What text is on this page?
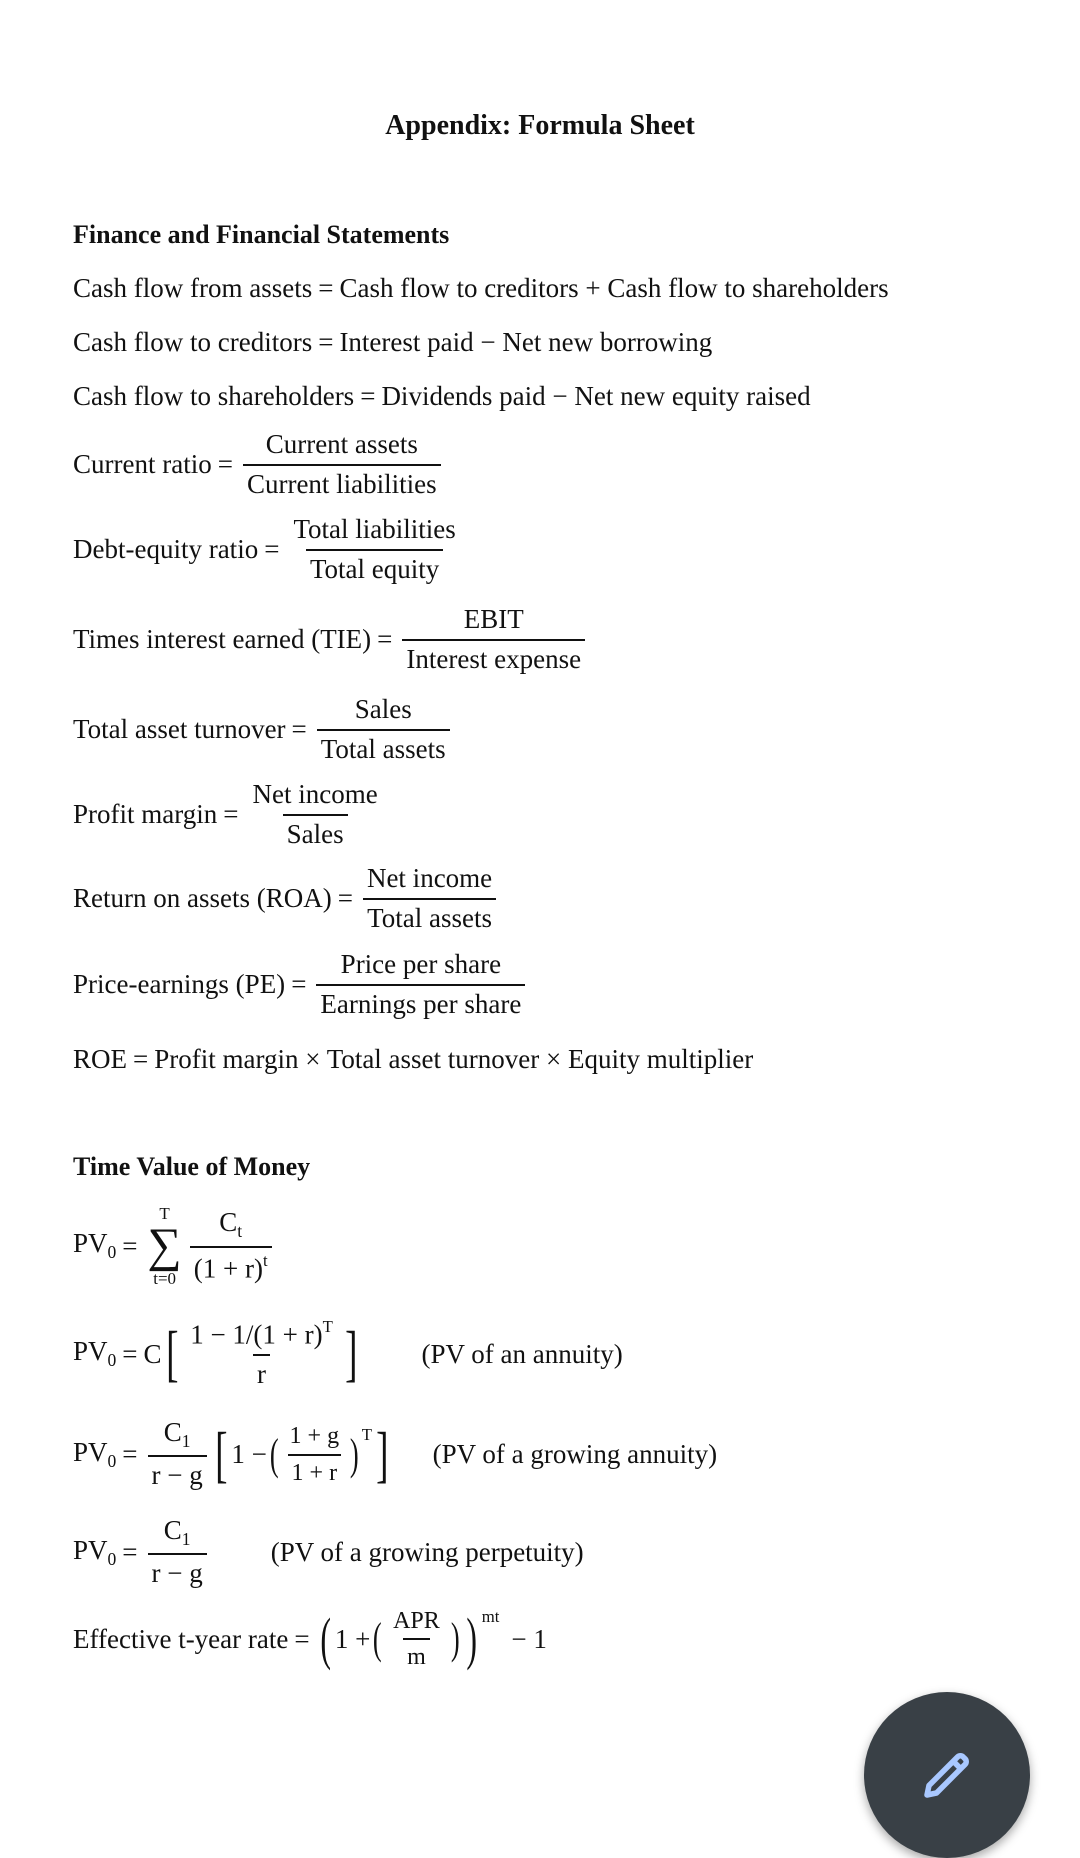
Appendix: Formula Sheet
Finance and Financial Statements
Cash flow from assets = Cash flow to creditors + Cash flow to shareholders
Cash flow to creditors = Interest paid − Net new borrowing
Cash flow to shareholders = Dividends paid − Net new equity raised
Current ratio = $\frac{\text{Current assets}}{\text{Current liabilities}}$
Debt-equity ratio = $\frac{\text{Total liabilities}}{\text{Total equity}}$
Times interest earned $(TIE) = \frac{\text{EBIT}}{\text{Interest expense}}$
Total asset turnover = $\frac{\text{Sales}}{\text{Total assets}}$
Profit margin = $\frac{\text{Net income}}{\text{Sales}}$
Return on assets $(ROA) = \frac{\text{Net income}}{\text{Total assets}}$
Price-earnings $(PE) = \frac{\text{Price per share}}{\text{Earnings per share}}$
ROE = Profit margin × Total asset turnover × Equity multiplier
Time Value of Money
$PV_0$ =
T
∑
$t=0 \frac{C_t}{(1 + r)^t}$
$PV_0 = C$ [ $\frac{1 - 1/(1 + r)^T}{r}$ ] (PV of an annuity)
$PV_0 = \frac{C_1}{r - g}$ [ 1 − ( $\frac{1 + g}{1 + r}$ ) T ] (PV of a growing annuity)
$PV_0 = \frac{C_1}{r - g} (PV$ of a growing perpetuity)
Effective t-year rate = ( 1 + ( $\frac{\text{APR}}{m}$ ) ) mt
− 1
